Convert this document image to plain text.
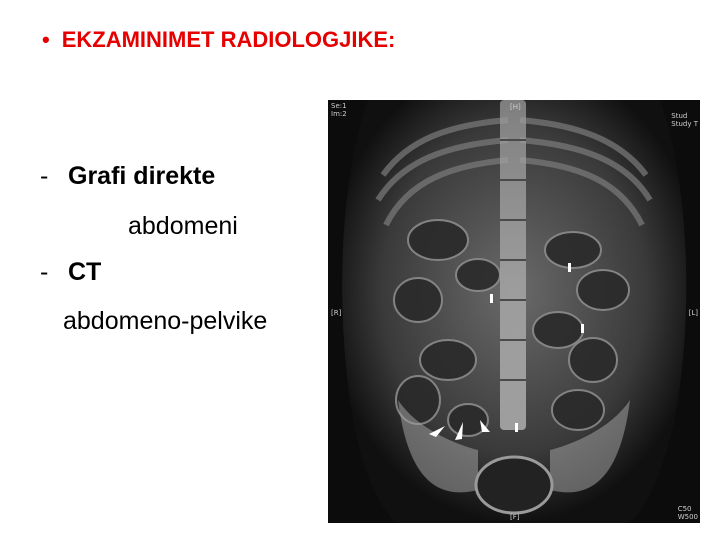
• EKZAMINIMET RADIOLOGJIKE:
- Grafi direkte
abdomeni
- CT
abdomeno-pelvike
Se:1
Im:2
[H]
Stud
Study T
[R]	[L]
[F]
C50
W500
